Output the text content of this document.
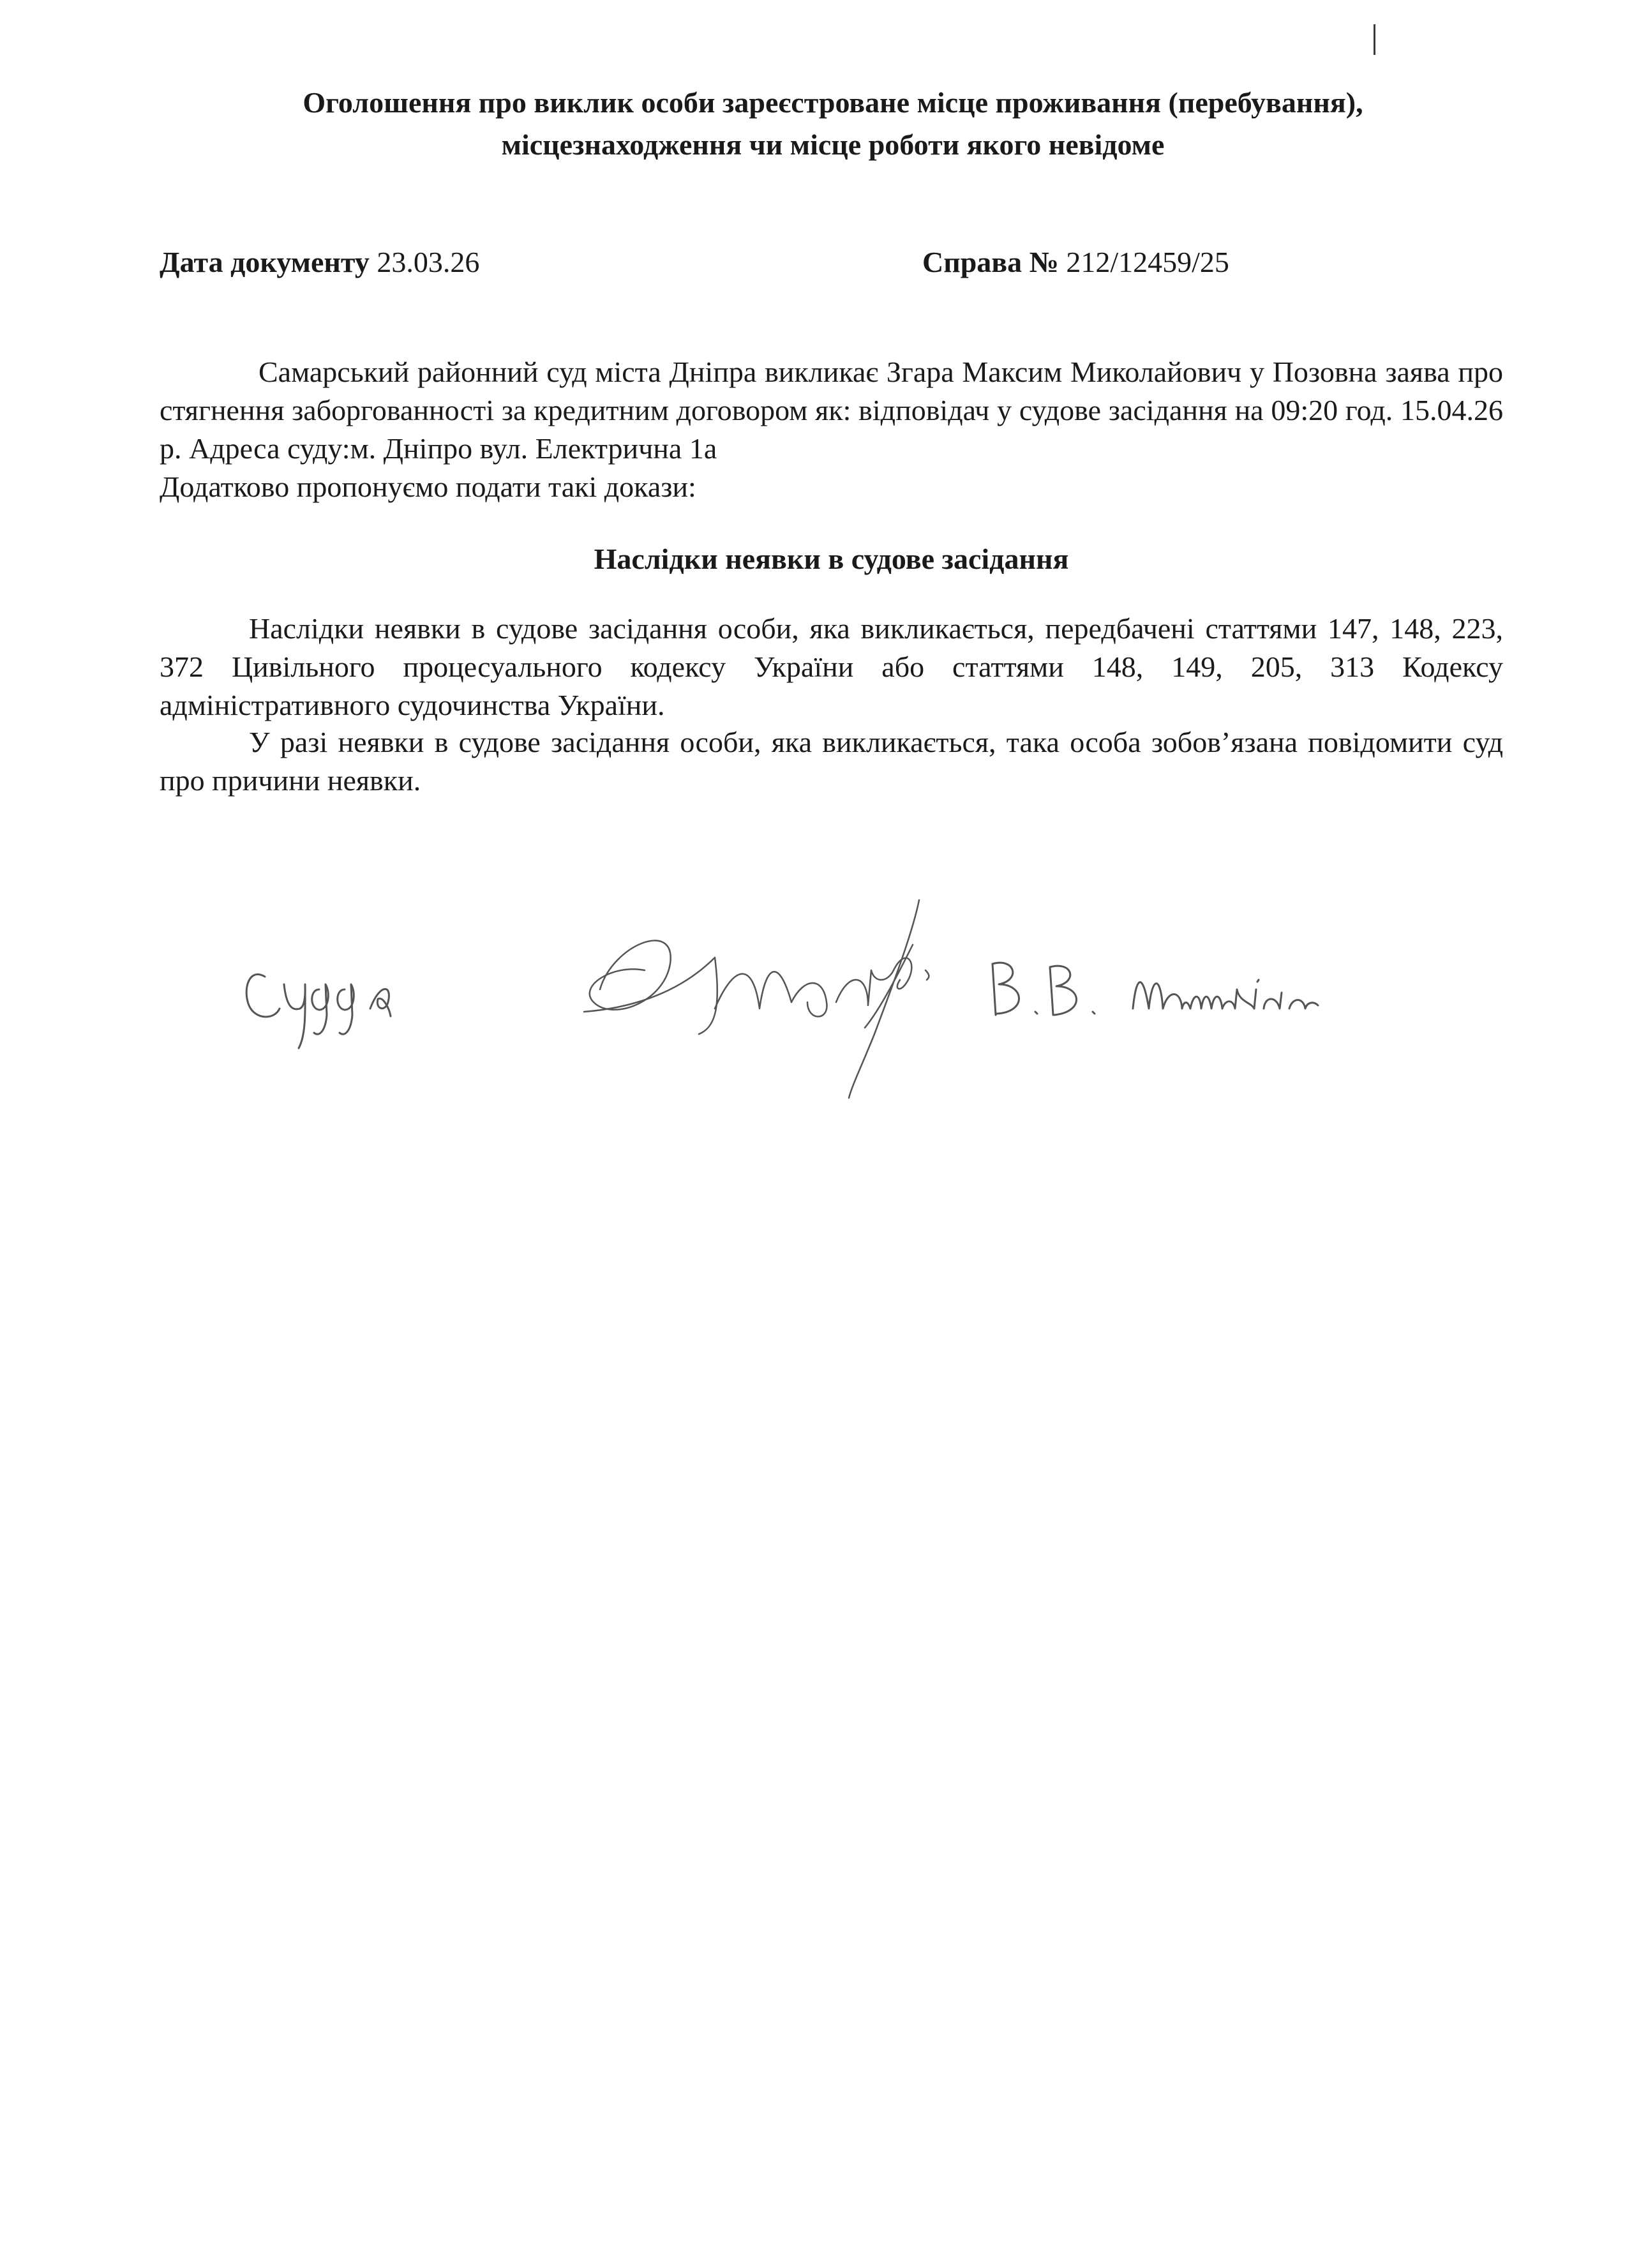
Оголошення про виклик особи зареєстроване місце проживання (перебування),
місцезнаходження чи місце роботи якого невідоме
Дата документу 23.03.26	Справа № 212/12459/25
Самарський районний суд міста Дніпра викликає Згара Максим Миколайович у Позовна заява про стягнення заборгованності за кредитним договором як: відповідач у судове засідання на 09:20 год. 15.04.26 р. Адреса суду:м. Дніпро вул. Електрична 1а
Додатково пропонуємо подати такі докази:
Наслідки неявки в судове засідання
Наслідки неявки в судове засідання особи, яка викликається, передбачені статтями 147, 148, 223, 372 Цивільного процесуального кодексу України або статтями 148, 149, 205, 313 Кодексу адміністративного судочинства України.
У разі неявки в судове засідання особи, яка викликається, така особа зобов’язана повідомити суд про причини неявки.
